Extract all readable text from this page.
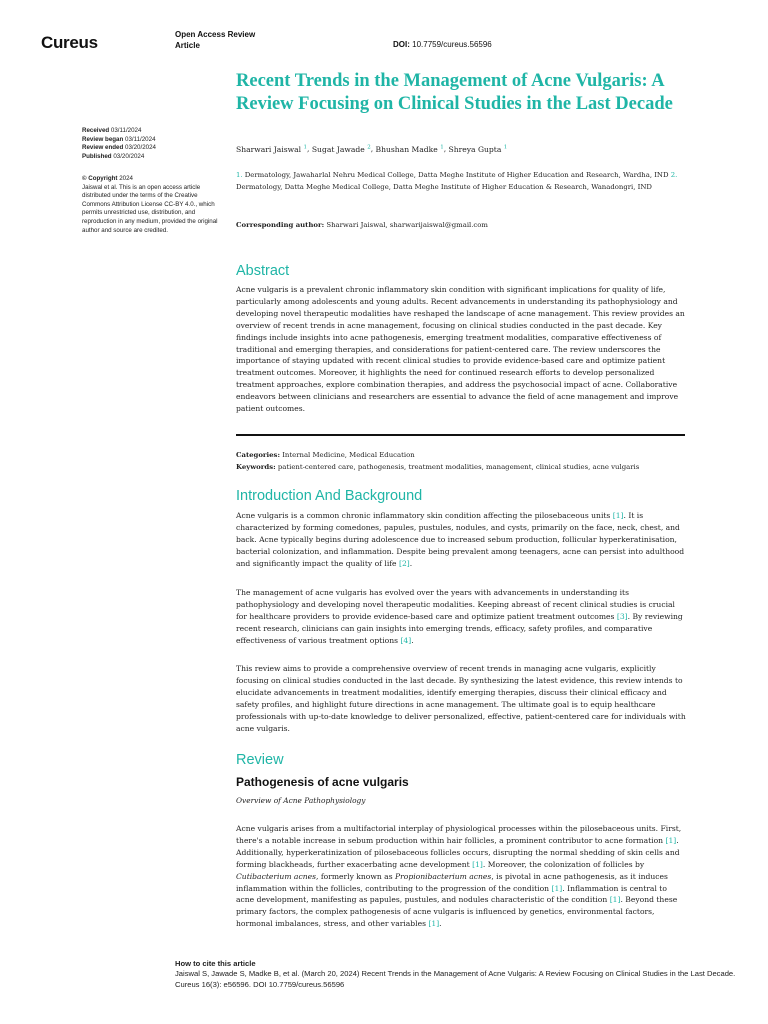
Cureus	Open Access Review
Article	DOI: 10.7759/cureus.56596
Recent Trends in the Management of Acne Vulgaris: A Review Focusing on Clinical Studies in the Last Decade
Received 03/11/2024
Review began 03/11/2024
Review ended 03/20/2024
Published 03/20/2024
© Copyright 2024
Jaiswal et al. This is an open access article distributed under the terms of the Creative Commons Attribution License CC-BY 4.0., which permits unrestricted use, distribution, and reproduction in any medium, provided the original author and source are credited.
Sharwari Jaiswal $^1$, Sugat Jawade $^2$, Bhushan Madke $^1$, Shreya Gupta $^1$
1. Dermatology, Jawaharlal Nehru Medical College, Datta Meghe Institute of Higher Education and Research, Wardha, IND 2. Dermatology, Datta Meghe Medical College, Datta Meghe Institute of Higher Education & Research, Wanadongri, IND
Corresponding author: Sharwari Jaiswal, sharwarijaiswal@gmail.com
Abstract
Acne vulgaris is a prevalent chronic inflammatory skin condition with significant implications for quality of life, particularly among adolescents and young adults. Recent advancements in understanding its pathophysiology and developing novel therapeutic modalities have reshaped the landscape of acne management. This review provides an overview of recent trends in acne management, focusing on clinical studies conducted in the past decade. Key findings include insights into acne pathogenesis, emerging treatment modalities, comparative effectiveness of traditional and emerging therapies, and considerations for patient-centered care. The review underscores the importance of staying updated with recent clinical studies to provide evidence-based care and optimize patient treatment outcomes. Moreover, it highlights the need for continued research efforts to develop personalized treatment approaches, explore combination therapies, and address the psychosocial impact of acne. Collaborative endeavors between clinicians and researchers are essential to advance the field of acne management and improve patient outcomes.
Categories: Internal Medicine, Medical Education
Keywords: patient-centered care, pathogenesis, treatment modalities, management, clinical studies, acne vulgaris
Introduction And Background
Acne vulgaris is a common chronic inflammatory skin condition affecting the pilosebaceous units [1]. It is characterized by forming comedones, papules, pustules, nodules, and cysts, primarily on the face, neck, chest, and back. Acne typically begins during adolescence due to increased sebum production, follicular hyperkeratinisation, bacterial colonization, and inflammation. Despite being prevalent among teenagers, acne can persist into adulthood and significantly impact the quality of life [2].
The management of acne vulgaris has evolved over the years with advancements in understanding its pathophysiology and developing novel therapeutic modalities. Keeping abreast of recent clinical studies is crucial for healthcare providers to provide evidence-based care and optimize patient treatment outcomes [3]. By reviewing recent research, clinicians can gain insights into emerging trends, efficacy, safety profiles, and comparative effectiveness of various treatment options [4].
This review aims to provide a comprehensive overview of recent trends in managing acne vulgaris, explicitly focusing on clinical studies conducted in the last decade. By synthesizing the latest evidence, this review intends to elucidate advancements in treatment modalities, identify emerging therapies, discuss their clinical efficacy and safety profiles, and highlight future directions in acne management. The ultimate goal is to equip healthcare professionals with up-to-date knowledge to deliver personalized, effective, patient-centered care for individuals with acne vulgaris.
Review
Pathogenesis of acne vulgaris
Overview of Acne Pathophysiology
Acne vulgaris arises from a multifactorial interplay of physiological processes within the pilosebaceous units. First, there's a notable increase in sebum production within hair follicles, a prominent contributor to acne formation [1]. Additionally, hyperkeratinization of pilosebaceous follicles occurs, disrupting the normal shedding of skin cells and forming blackheads, further exacerbating acne development [1]. Moreover, the colonization of follicles by Cutibacterium acnes, formerly known as Propionibacterium acnes, is pivotal in acne pathogenesis, as it induces inflammation within the follicles, contributing to the progression of the condition [1]. Inflammation is central to acne development, manifesting as papules, pustules, and nodules characteristic of the condition [1]. Beyond these primary factors, the complex pathogenesis of acne vulgaris is influenced by genetics, environmental factors, hormonal imbalances, stress, and other variables [1].
How to cite this article
Jaiswal S, Jawade S, Madke B, et al. (March 20, 2024) Recent Trends in the Management of Acne Vulgaris: A Review Focusing on Clinical Studies in the Last Decade. Cureus 16(3): e56596. DOI 10.7759/cureus.56596
